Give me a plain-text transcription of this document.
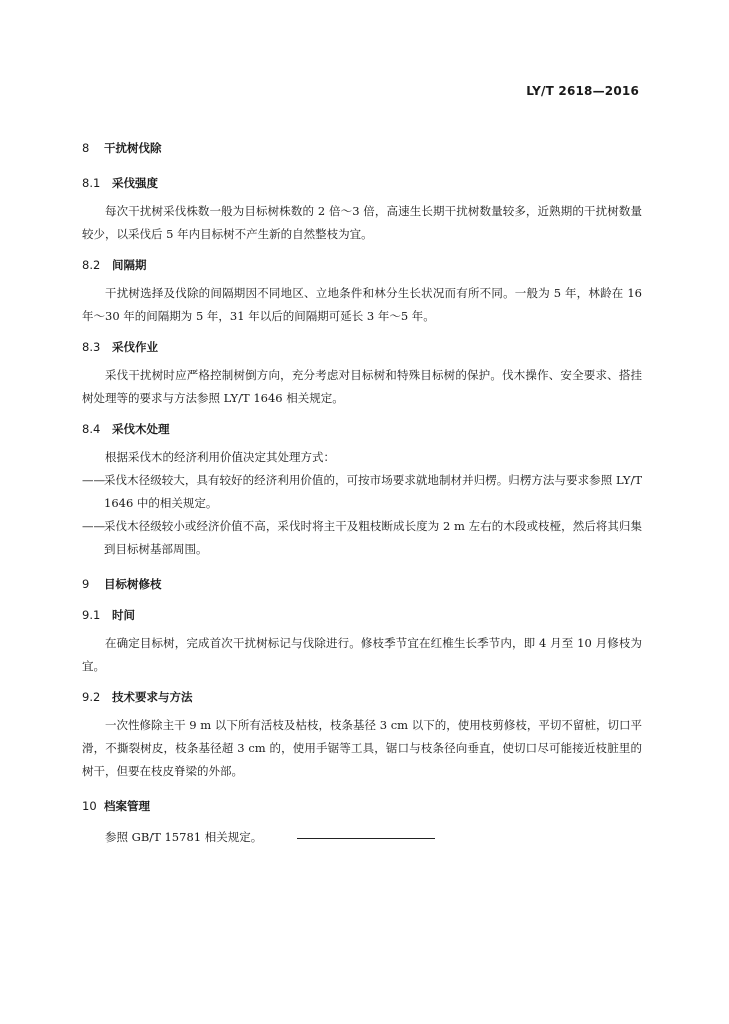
LY/T 2618—2016
8	干扰树伐除
8.1	采伐强度
每次干扰树采伐株数一般为目标树株数的 2 倍～3 倍，高速生长期干扰树数量较多，近熟期的干扰树数量较少，以采伐后 5 年内目标树不产生新的自然整枝为宜。
8.2	间隔期
干扰树选择及伐除的间隔期因不同地区、立地条件和林分生长状况而有所不同。一般为 5 年，林龄在 16 年～30 年的间隔期为 5 年，31 年以后的间隔期可延长 3 年～5 年。
8.3	采伐作业
采伐干扰树时应严格控制树倒方向，充分考虑对目标树和特殊目标树的保护。伐木操作、安全要求、搭挂树处理等的要求与方法参照 LY/T 1646 相关规定。
8.4	采伐木处理
根据采伐木的经济利用价值决定其处理方式：
—— 采伐木径级较大，具有较好的经济利用价值的，可按市场要求就地制材并归楞。归楞方法与要求参照 LY/T 1646 中的相关规定。
—— 采伐木径级较小或经济价值不高，采伐时将主干及粗枝断成长度为 2 m 左右的木段或枝桠，然后将其归集到目标树基部周围。
9	目标树修枝
9.1	时间
在确定目标树，完成首次干扰树标记与伐除进行。修枝季节宜在红椎生长季节内，即 4 月至 10 月修枝为宜。
9.2	技术要求与方法
一次性修除主干 9 m 以下所有活枝及枯枝，枝条基径 3 cm 以下的，使用枝剪修枝，平切不留桩，切口平滑，不撕裂树皮，枝条基径超 3 cm 的，使用手锯等工具，锯口与枝条径向垂直，使切口尽可能接近枝脏里的树干，但要在枝皮脊梁的外部。
10 档案管理
参照 GB/T 15781 相关规定。
